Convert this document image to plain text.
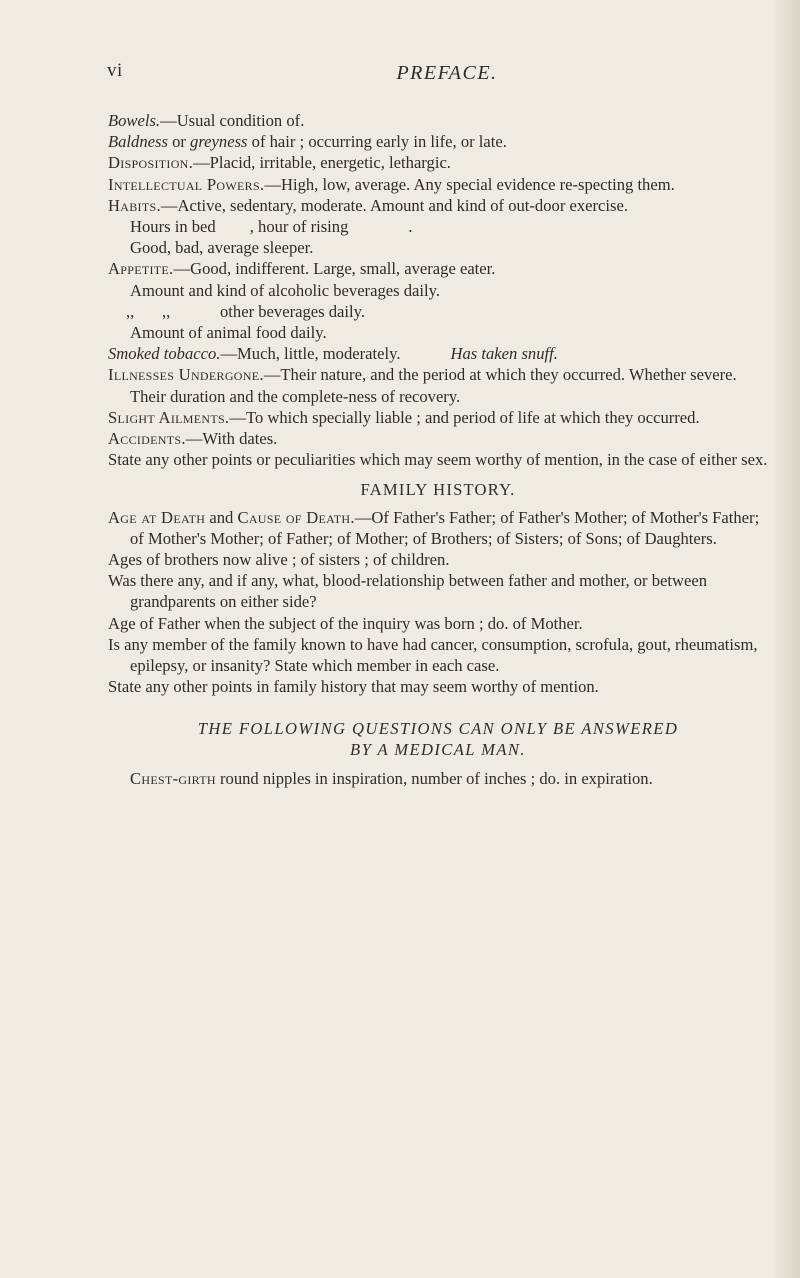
vi	PREFACE.

Bowels.—Usual condition of.

Baldness or greyness of hair ; occurring early in life, or late.

Disposition.—Placid, irritable, energetic, lethargic.

Intellectual Powers.—High, low, average. Any special evidence re-specting them.

Habits.—Active, sedentary, moderate. Amount and kind of out-door exercise.

Hours in bed , hour of rising	.

Good, bad, average sleeper.

Appetite.—Good, indifferent. Large, small, average eater.

Amount and kind of alcoholic beverages daily.

,, ,,	other beverages daily.

Amount of animal food daily.

Smoked tobacco.—Much, little, moderately.	Has taken snuff.

Illnesses Undergone.—Their nature, and the period at which they occurred. Whether severe. Their duration and the complete-ness of recovery.

Slight Ailments.—To which specially liable ; and period of life at which they occurred.

Accidents.—With dates.

State any other points or peculiarities which may seem worthy of mention, in the case of either sex.

FAMILY HISTORY.

Age at Death and Cause of Death.—Of Father's Father; of Father's Mother; of Mother's Father; of Mother's Mother; of Father; of Mother; of Brothers; of Sisters; of Sons; of Daughters.

Ages of brothers now alive ; of sisters ; of children.

Was there any, and if any, what, blood-relationship between father and mother, or between grandparents on either side?

Age of Father when the subject of the inquiry was born ; do. of Mother.

Is any member of the family known to have had cancer, consumption, scrofula, gout, rheumatism, epilepsy, or insanity? State which member in each case.

State any other points in family history that may seem worthy of mention.

THE FOLLOWING QUESTIONS CAN ONLY BE ANSWERED
BY A MEDICAL MAN.

Chest-girth round nipples in inspiration, number of inches ; do. in expiration.
